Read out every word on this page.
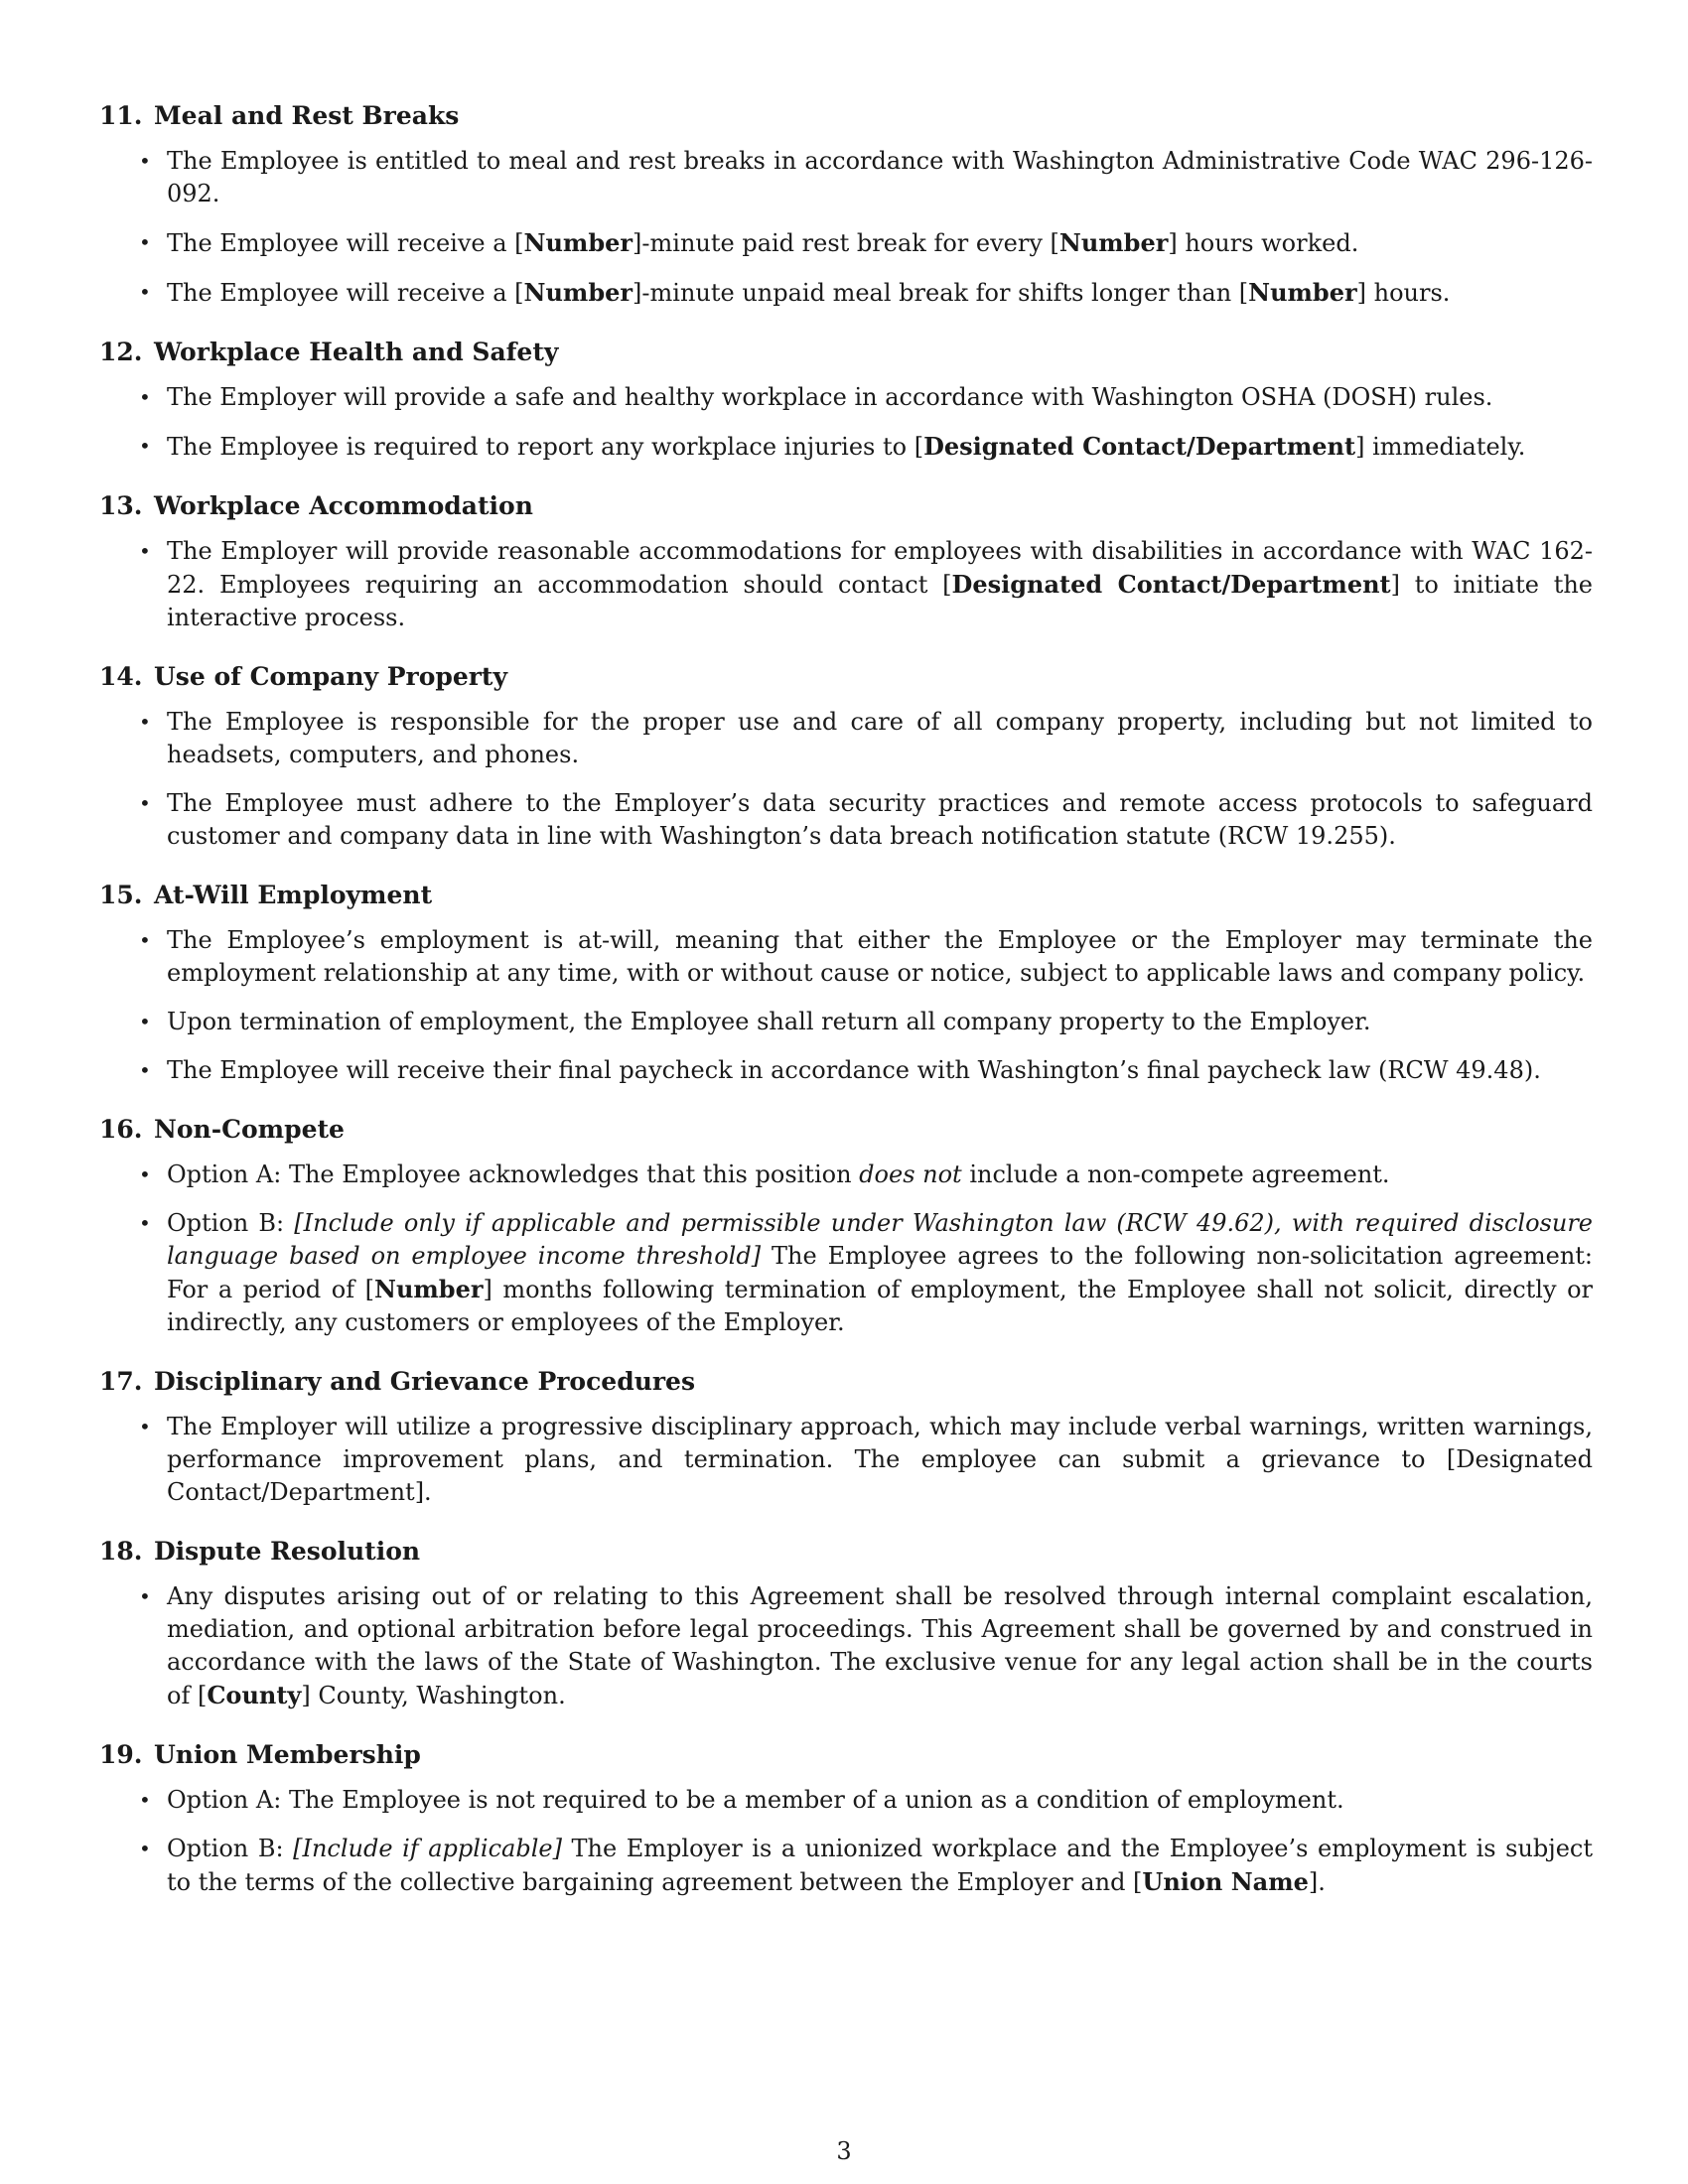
11. Meal and Rest Breaks
• The Employee is entitled to meal and rest breaks in accordance with Washington Administrative Code WAC 296-126-092.
• The Employee will receive a [Number]-minute paid rest break for every [Number] hours worked.
• The Employee will receive a [Number]-minute unpaid meal break for shifts longer than [Number] hours.
12. Workplace Health and Safety
• The Employer will provide a safe and healthy workplace in accordance with Washington OSHA (DOSH) rules.
• The Employee is required to report any workplace injuries to [Designated Contact/Department] immediately.
13. Workplace Accommodation
• The Employer will provide reasonable accommodations for employees with disabilities in accordance with WAC 162-22. Employees requiring an accommodation should contact [Designated Contact/Department] to initiate the interactive process.
14. Use of Company Property
• The Employee is responsible for the proper use and care of all company property, including but not limited to headsets, computers, and phones.
• The Employee must adhere to the Employer’s data security practices and remote access protocols to safeguard customer and company data in line with Washington’s data breach notification statute (RCW 19.255).
15. At-Will Employment
• The Employee’s employment is at-will, meaning that either the Employee or the Employer may terminate the employment relationship at any time, with or without cause or notice, subject to applicable laws and company policy.
• Upon termination of employment, the Employee shall return all company property to the Employer.
• The Employee will receive their final paycheck in accordance with Washington’s final paycheck law (RCW 49.48).
16. Non-Compete
• Option A: The Employee acknowledges that this position does not include a non-compete agreement.
• Option B: [Include only if applicable and permissible under Washington law (RCW 49.62), with required disclosure language based on employee income threshold] The Employee agrees to the following non-solicitation agreement: For a period of [Number] months following termination of employment, the Employee shall not solicit, directly or indirectly, any customers or employees of the Employer.
17. Disciplinary and Grievance Procedures
• The Employer will utilize a progressive disciplinary approach, which may include verbal warnings, written warnings, performance improvement plans, and termination. The employee can submit a grievance to [Designated Contact/Department].
18. Dispute Resolution
• Any disputes arising out of or relating to this Agreement shall be resolved through internal complaint escalation, mediation, and optional arbitration before legal proceedings. This Agreement shall be governed by and construed in accordance with the laws of the State of Washington. The exclusive venue for any legal action shall be in the courts of [County] County, Washington.
19. Union Membership
• Option A: The Employee is not required to be a member of a union as a condition of employment.
• Option B: [Include if applicable] The Employer is a unionized workplace and the Employee’s employment is subject to the terms of the collective bargaining agreement between the Employer and [Union Name].
3
